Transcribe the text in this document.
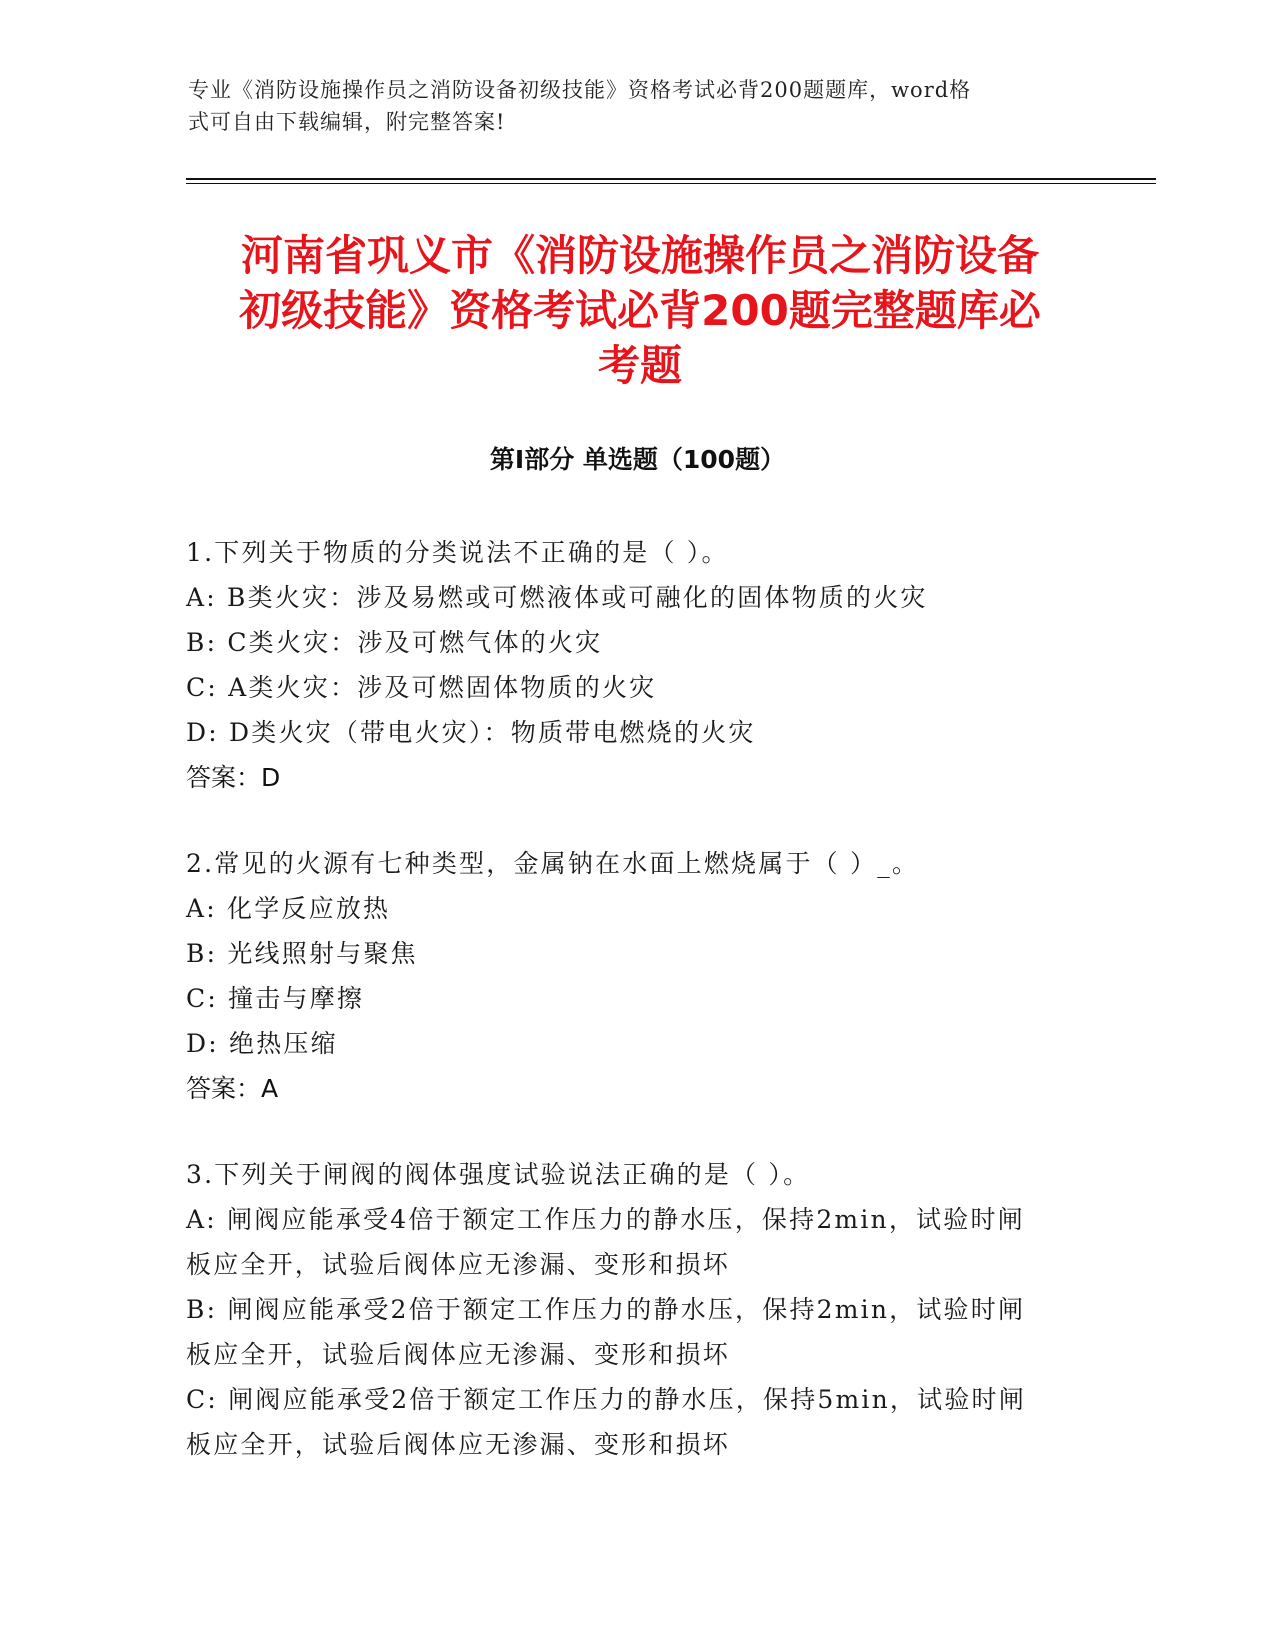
专业《消防设施操作员之消防设备初级技能》资格考试必背200题题库，word格
式可自由下载编辑，附完整答案!
河南省巩义市《消防设施操作员之消防设备
初级技能》资格考试必背200题完整题库必
考题
第I部分 单选题（100题）
1.下列关于物质的分类说法不正确的是（ ）。
A: B类火灾：涉及易燃或可燃液体或可融化的固体物质的火灾
B: C类火灾：涉及可燃气体的火灾
C: A类火灾：涉及可燃固体物质的火灾
D: D类火灾（带电火灾）：物质带电燃烧的火灾
答案：D
2.常见的火源有七种类型，金属钠在水面上燃烧属于（ ）_。
A: 化学反应放热
B: 光线照射与聚焦
C: 撞击与摩擦
D: 绝热压缩
答案：A
3.下列关于闸阀的阀体强度试验说法正确的是（ ）。
A: 闸阀应能承受4倍于额定工作压力的静水压，保持2min，试验时闸
板应全开，试验后阀体应无渗漏、变形和损坏
B: 闸阀应能承受2倍于额定工作压力的静水压，保持2min，试验时闸
板应全开，试验后阀体应无渗漏、变形和损坏
C: 闸阀应能承受2倍于额定工作压力的静水压，保持5min，试验时闸
板应全开，试验后阀体应无渗漏、变形和损坏
